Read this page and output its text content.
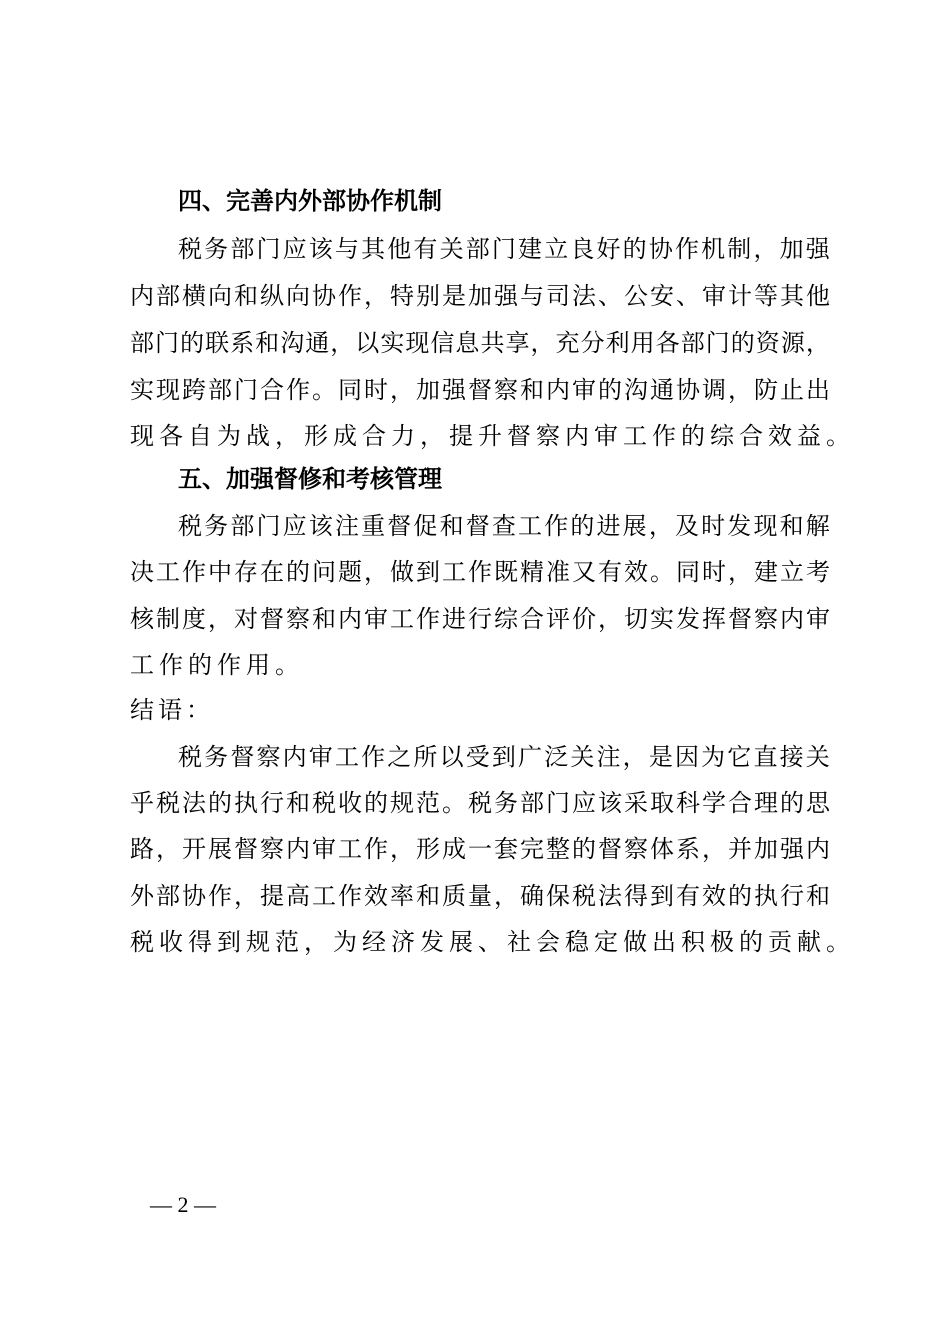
四、完善内外部协作机制
税 务 部 门 应 该 与 其 他 有 关 部 门 建 立 良 好 的 协 作 机 制 ， 加 强
内 部 横 向 和 纵 向 协 作 ， 特 别 是 加 强 与 司 法 、 公 安 、 审 计 等 其 他
部 门 的 联 系 和 沟 通 ， 以 实 现 信 息 共 享 ， 充 分 利 用 各 部 门 的 资 源 ，
实 现 跨 部 门 合 作 。 同 时 ， 加 强 督 察 和 内 审 的 沟 通 协 调 ， 防 止 出
现各自为战，形成合力，提升督察内审工作的综合效益。
五、加强督修和考核管理
税 务 部 门 应 该 注 重 督 促 和 督 查 工 作 的 进 展 ， 及 时 发 现 和 解
决 工 作 中 存 在 的 问 题 ， 做 到 工 作 既 精 准 又 有 效 。 同 时 ， 建 立 考
核 制 度 ， 对 督 察 和 内 审 工 作 进 行 综 合 评 价 ， 切 实 发 挥 督 察 内 审
工作的作用。
结语：
税 务 督 察 内 审 工 作 之 所 以 受 到 广 泛 关 注 ， 是 因 为 它 直 接 关
乎 税 法 的 执 行 和 税 收 的 规 范 。 税 务 部 门 应 该 采 取 科 学 合 理 的 思
路 ， 开 展 督 察 内 审 工 作 ， 形 成 一 套 完 整 的 督 察 体 系 ， 并 加 强 内
外 部 协 作 ， 提 高 工 作 效 率 和 质 量 ， 确 保 税 法 得 到 有 效 的 执 行 和
税收得到规范，为经济发展、社会稳定做出积极的贡献。
— 2 —
